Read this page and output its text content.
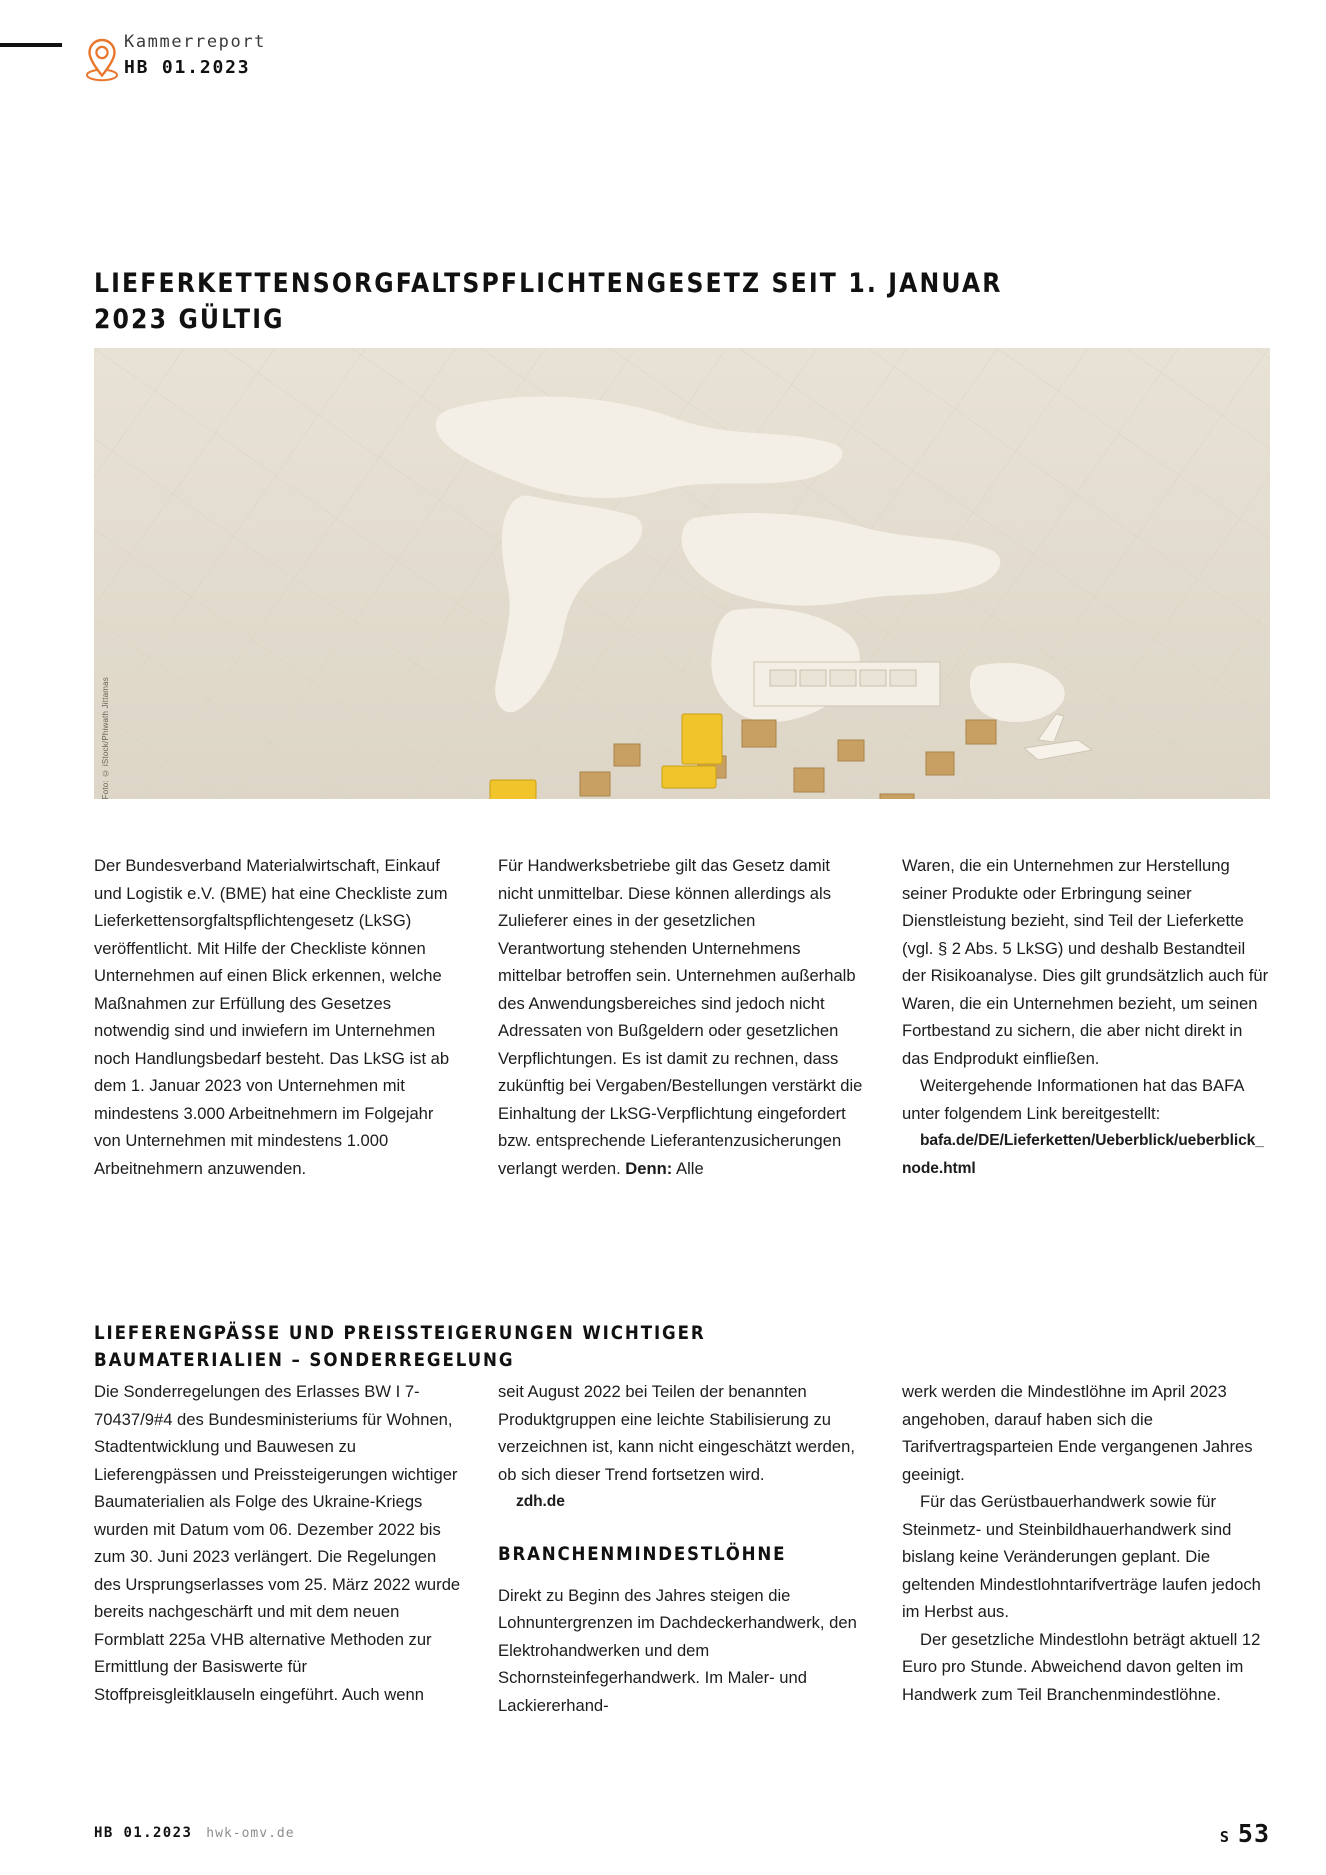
Kammerreport
HB 01.2023
LIEFERKETTENSORGFALTSPFLICHTENGESETZ SEIT 1. JANUAR 2023 GÜLTIG
Foto: © iStock/Phiwath Jittamas

Der Bundesverband Materialwirtschaft, Einkauf und Logistik e.V. (BME) hat eine Checkliste zum Lieferkettensorgfaltspflichtengesetz (LkSG) veröffentlicht. Mit Hilfe der Checkliste können Unternehmen auf einen Blick erkennen, welche Maßnahmen zur Erfüllung des Gesetzes notwendig sind und inwiefern im Unternehmen noch Handlungsbedarf besteht. Das LkSG ist ab dem 1. Januar 2023 von Unternehmen mit mindestens 3.000 Arbeitnehmern im Folgejahr von Unternehmen mit mindestens 1.000 Arbeitnehmern anzuwenden.

Für Handwerksbetriebe gilt das Gesetz damit nicht unmittelbar. Diese können allerdings als Zulieferer eines in der gesetzlichen Verantwortung stehenden Unternehmens mittelbar betroffen sein. Unternehmen außerhalb des Anwendungsbereiches sind jedoch nicht Adressaten von Bußgeldern oder gesetzlichen Verpflichtungen. Es ist damit zu rechnen, dass zukünftig bei Vergaben/Bestellungen verstärkt die Einhaltung der LkSG-Verpflichtung eingefordert bzw. entsprechende Lieferantenzusicherungen verlangt werden. Denn: Alle

Waren, die ein Unternehmen zur Herstellung seiner Produkte oder Erbringung seiner Dienstleistung bezieht, sind Teil der Lieferkette (vgl. § 2 Abs. 5 LkSG) und deshalb Bestandteil der Risikoanalyse. Dies gilt grundsätzlich auch für Waren, die ein Unternehmen bezieht, um seinen Fortbestand zu sichern, die aber nicht direkt in das Endprodukt einfließen.

Weitergehende Informationen hat das BAFA unter folgendem Link bereitgestellt:

bafa.de/DE/Lieferketten/Ueberblick/ueberblick_node.html

LIEFERENGPÄSSE UND PREISSTEIGERUNGEN WICHTIGER BAUMATERIALIEN – SONDERREGELUNG

Die Sonderregelungen des Erlasses BW I 7-70437/9#4 des Bundesministeriums für Wohnen, Stadtentwicklung und Bauwesen zu Lieferengpässen und Preissteigerungen wichtiger Baumaterialien als Folge des Ukraine-Kriegs wurden mit Datum vom 06. Dezember 2022 bis zum 30. Juni 2023 verlängert. Die Regelungen des Ursprungserlasses vom 25. März 2022 wurde bereits nachgeschärft und mit dem neuen Formblatt 225a VHB alternative Methoden zur Ermittlung der Basiswerte für Stoffpreisgleitklauseln eingeführt. Auch wenn

seit August 2022 bei Teilen der benannten Produktgruppen eine leichte Stabilisierung zu verzeichnen ist, kann nicht eingeschätzt werden, ob sich dieser Trend fortsetzen wird.

zdh.de

BRANCHENMINDESTLÖHNE

Direkt zu Beginn des Jahres steigen die Lohnuntergrenzen im Dachdeckerhandwerk, den Elektrohandwerken und dem Schornsteinfegerhandwerk. Im Maler- und Lackiererhand-

werk werden die Mindestlöhne im April 2023 angehoben, darauf haben sich die Tarifvertragsparteien Ende vergangenen Jahres geeinigt.

Für das Gerüstbauerhandwerk sowie für Steinmetz- und Steinbildhauerhandwerk sind bislang keine Veränderungen geplant. Die geltenden Mindestlohntarifverträge laufen jedoch im Herbst aus.

Der gesetzliche Mindestlohn beträgt aktuell 12 Euro pro Stunde. Abweichend davon gelten im Handwerk zum Teil Branchenmindestlöhne.

HB 01.2023 hwk-omv.de	S 53
